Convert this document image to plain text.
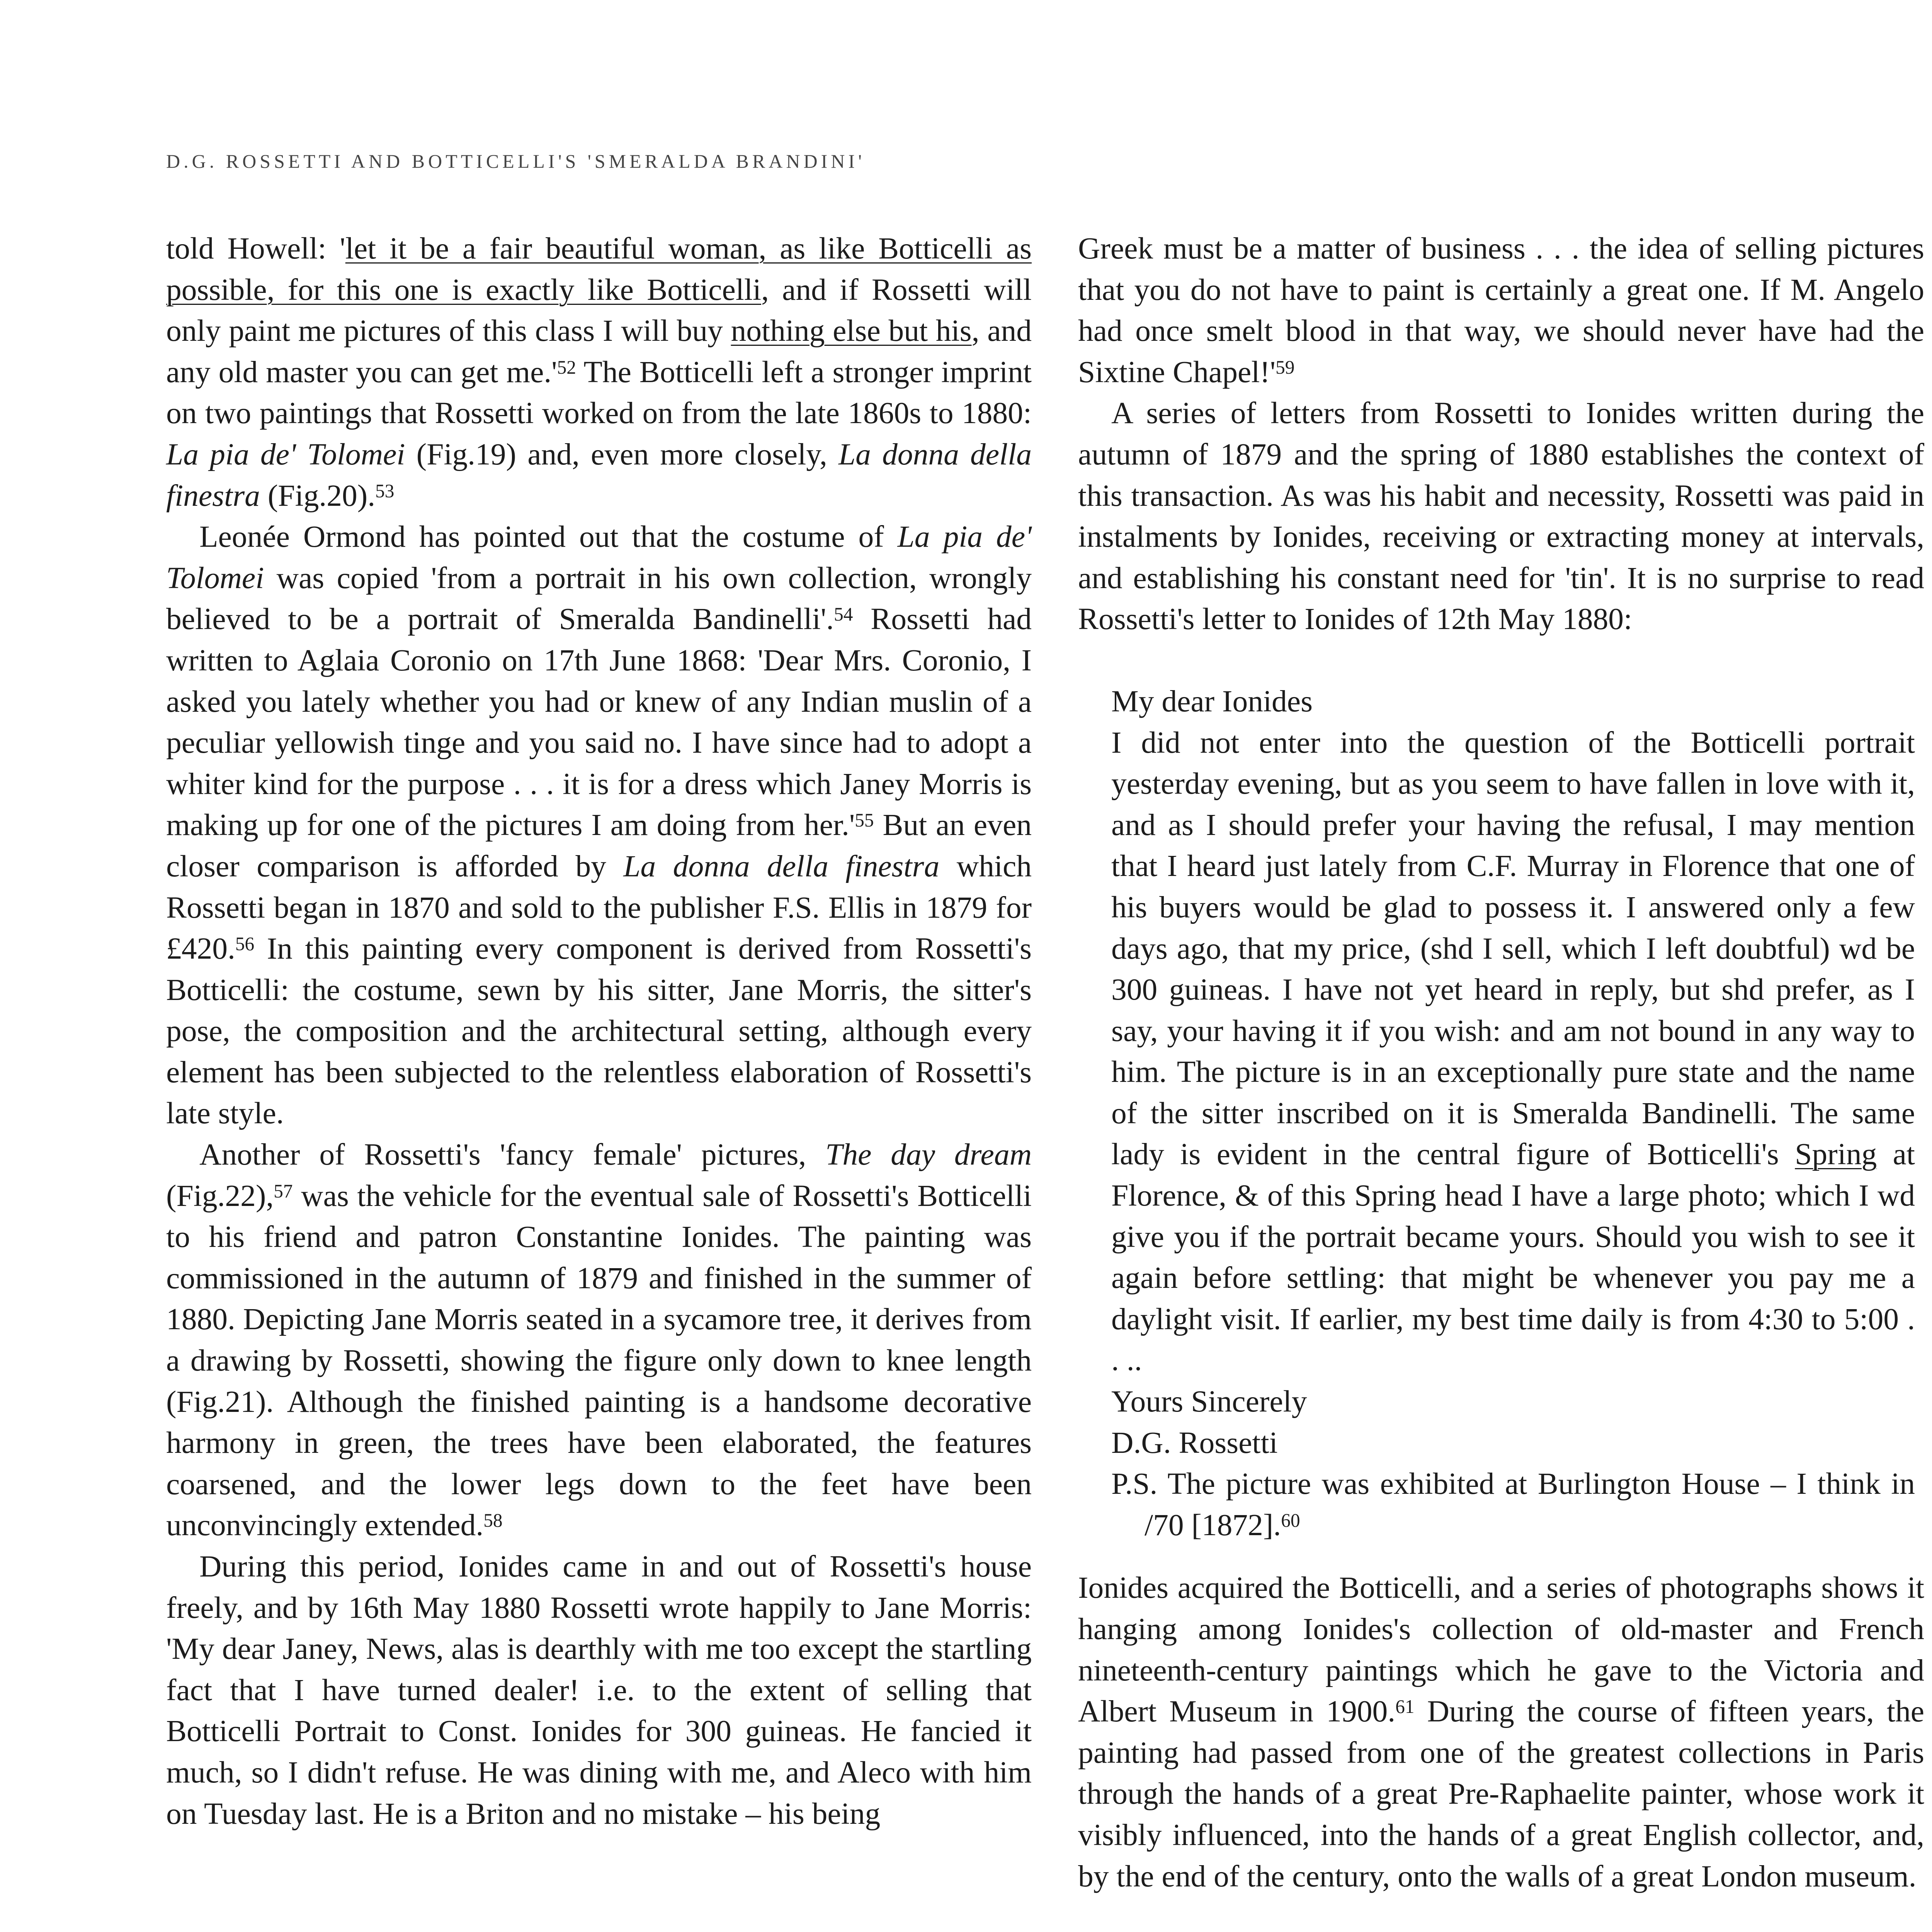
D.G. ROSSETTI AND BOTTICELLI'S 'SMERALDA BRANDINI'

told Howell: 'let it be a fair beautiful woman, as like Botticelli as possible, for this one is exactly like Botticelli, and if Rossetti will only paint me pictures of this class I will buy nothing else but his, and any old master you can get $me.'^{52}$ The Botticelli left a stronger imprint on two paintings that Rossetti worked on from the late 1860s to 1880: La pia de' Tolomei (Fig.19) and, even more closely, La donna della finestra (Fig.20).$^{53}$

Leonée Ormond has pointed out that the costume of La pia de' Tolomei was copied 'from a portrait in his own collection, wrongly believed to be a portrait of Smeralda Bandinelli'.$^{54}$ Rossetti had written to Aglaia Coronio on 17th June 1868: 'Dear Mrs. Coronio, I asked you lately whether you had or knew of any Indian muslin of a peculiar yellowish tinge and you said no. I have since had to adopt a whiter kind for the purpose . . . it is for a dress which Janey Morris is making up for one of the pictures I am doing from $her.'^{55}$ But an even closer comparison is afforded by La donna della finestra which Rossetti began in 1870 and sold to the publisher F.S. Ellis in 1879 for £420.56 In this painting every component is derived from Rossetti's Botticelli: the costume, sewn by his sitter, Jane Morris, the sitter's pose, the composition and the architectural setting, although every element has been subjected to the relentless elaboration of Rossetti's late style.

Another of Rossetti's 'fancy female' pictures, The day dream (Fig.22),$^{57}$ was the vehicle for the eventual sale of Rossetti's Botticelli to his friend and patron Constantine Ionides. The painting was commissioned in the autumn of 1879 and finished in the summer of 1880. Depicting Jane Morris seated in a sycamore tree, it derives from a drawing by Rossetti, showing the figure only down to knee length (Fig.21). Although the finished painting is a handsome decorative harmony in green, the trees have been elaborated, the features coarsened, and the lower legs down to the feet have been unconvincingly extended.$^{58}$

During this period, Ionides came in and out of Rossetti's house freely, and by 16th May 1880 Rossetti wrote happily to Jane Morris: 'My dear Janey, News, alas is dearthly with me too except the startling fact that I have turned dealer! i.e. to the extent of selling that Botticelli Portrait to Const. Ionides for 300 guineas. He fancied it much, so I didn't refuse. He was dining with me, and Aleco with him on Tuesday last. He is a Briton and no mistake – his being

Greek must be a matter of business . . . the idea of selling pictures that you do not have to paint is certainly a great one. If M. Angelo had once smelt blood in that way, we should never have had the Sixtine $Chapel!'^{59}$

A series of letters from Rossetti to Ionides written during the autumn of 1879 and the spring of 1880 establishes the context of this transaction. As was his habit and necessity, Rossetti was paid in instalments by Ionides, receiving or extracting money at intervals, and establishing his constant need for 'tin'. It is no surprise to read Rossetti's letter to Ionides of 12th May 1880:

My dear Ionides

I did not enter into the question of the Botticelli portrait yesterday evening, but as you seem to have fallen in love with it, and as I should prefer your having the refusal, I may mention that I heard just lately from C.F. Murray in Florence that one of his buyers would be glad to possess it. I answered only a few days ago, that my price, (shd I sell, which I left doubtful) wd be 300 guineas. I have not yet heard in reply, but shd prefer, as I say, your having it if you wish: and am not bound in any way to him. The picture is in an exceptionally pure state and the name of the sitter inscribed on it is Smeralda Bandinelli. The same lady is evident in the central figure of Botticelli's Spring at Florence, & of this Spring head I have a large photo; which I wd give you if the portrait became yours. Should you wish to see it again before settling: that might be whenever you pay me a daylight visit. If earlier, my best time daily is from 4:30 to 5:00 . . ..

Yours Sincerely

D.G. Rossetti

P.S. The picture was exhibited at Burlington House – I think in /70 [1872].$^{60}$

Ionides acquired the Botticelli, and a series of photographs shows it hanging among Ionides's collection of old-master and French nineteenth-century paintings which he gave to the Victoria and Albert Museum in 1900.61 During the course of fifteen years, the painting had passed from one of the greatest collections in Paris through the hands of a great Pre-Raphaelite painter, whose work it visibly influenced, into the hands of a great English collector, and, by the end of the century, onto the walls of a great London museum.
